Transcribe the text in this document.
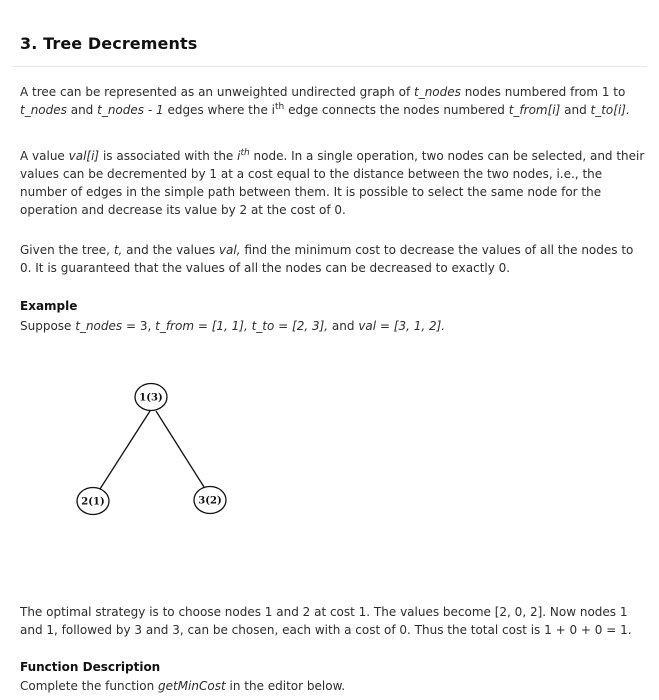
3. Tree Decrements

A tree can be represented as an unweighted undirected graph of t_nodes nodes numbered from 1 to t_nodes and t_nodes - 1 edges where the $i^{th}$ edge connects the nodes numbered t_from[i] and t_to[i].

A value val[i] is associated with the $i^{th}$ node. In a single operation, two nodes can be selected, and their values can be decremented by 1 at a cost equal to the distance between the two nodes, i.e., the number of edges in the simple path between them. It is possible to select the same node for the operation and decrease its value by 2 at the cost of 0.

Given the tree, t, and the values val, find the minimum cost to decrease the values of all the nodes to 0. It is guaranteed that the values of all the nodes can be decreased to exactly 0.

Example

Suppose t_nodes = 3, t_from = [1, 1], t_to = [2, 3], and val = [3, 1, 2].

1(3)
2(1)	3(2)

The optimal strategy is to choose nodes 1 and 2 at cost 1. The values become [2, 0, 2]. Now nodes 1 and 1, followed by 3 and 3, can be chosen, each with a cost of 0. Thus the total cost is 1 + 0 + 0 = 1.

Function Description

Complete the function getMinCost in the editor below.
